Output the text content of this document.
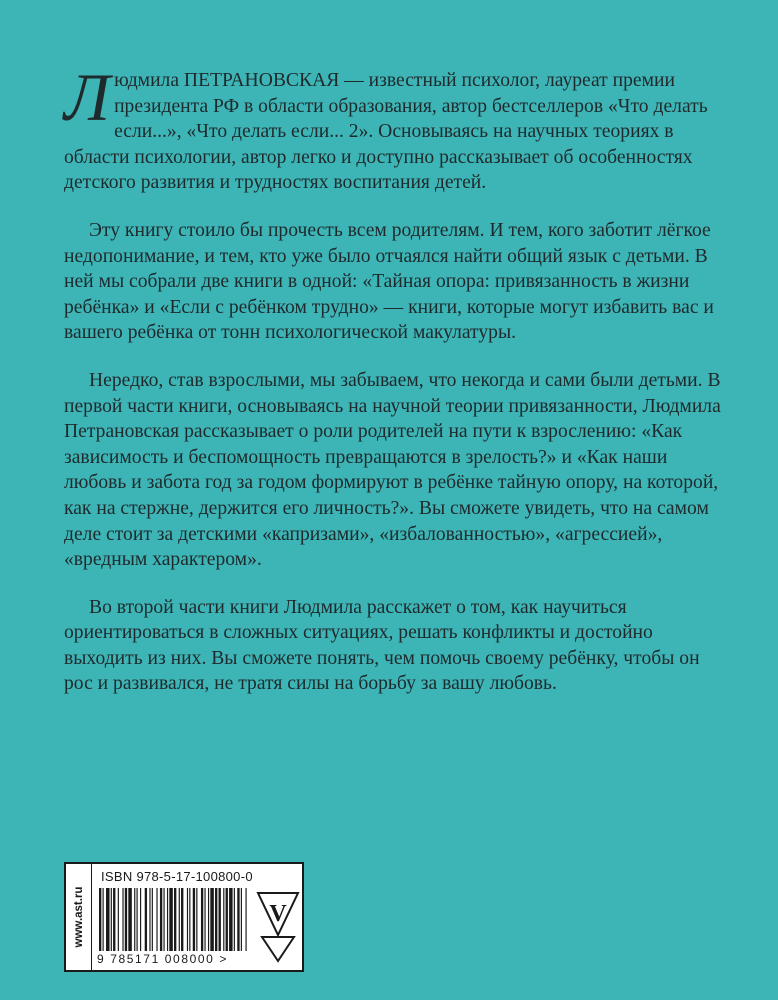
Людмила ПЕТРАНОВСКАЯ — известный психолог, лауреат премии президента РФ в области образования, автор бестселлеров «Что делать если...», «Что делать если... 2». Основываясь на научных теориях в области психологии, автор легко и доступно рассказывает об особенностях детского развития и трудностях воспитания детей.

Эту книгу стоило бы прочесть всем родителям. И тем, кого заботит лёгкое недопонимание, и тем, кто уже было отчаялся найти общий язык с детьми. В ней мы собрали две книги в одной: «Тайная опора: привязанность в жизни ребёнка» и «Если с ребёнком трудно» — книги, которые могут избавить вас и вашего ребёнка от тонн психологической макулатуры.

Нередко, став взрослыми, мы забываем, что некогда и сами были детьми. В первой части книги, основываясь на научной теории привязанности, Людмила Петрановская рассказывает о роли родителей на пути к взрослению: «Как зависимость и беспомощность превращаются в зрелость?» и «Как наши любовь и забота год за годом формируют в ребёнке тайную опору, на которой, как на стержне, держится его личность?». Вы сможете увидеть, что на самом деле стоит за детскими «капризами», «избалованностью», «агрессией», «вредным характером».

Во второй части книги Людмила расскажет о том, как научиться ориентироваться в сложных ситуациях, решать конфликты и достойно выходить из них. Вы сможете понять, чем помочь своему ребёнку, чтобы он рос и развивался, не тратя силы на борьбу за вашу любовь.

www.ast.ru
ISBN 978-5-17-100800-0
9 785171 008000 >
V
